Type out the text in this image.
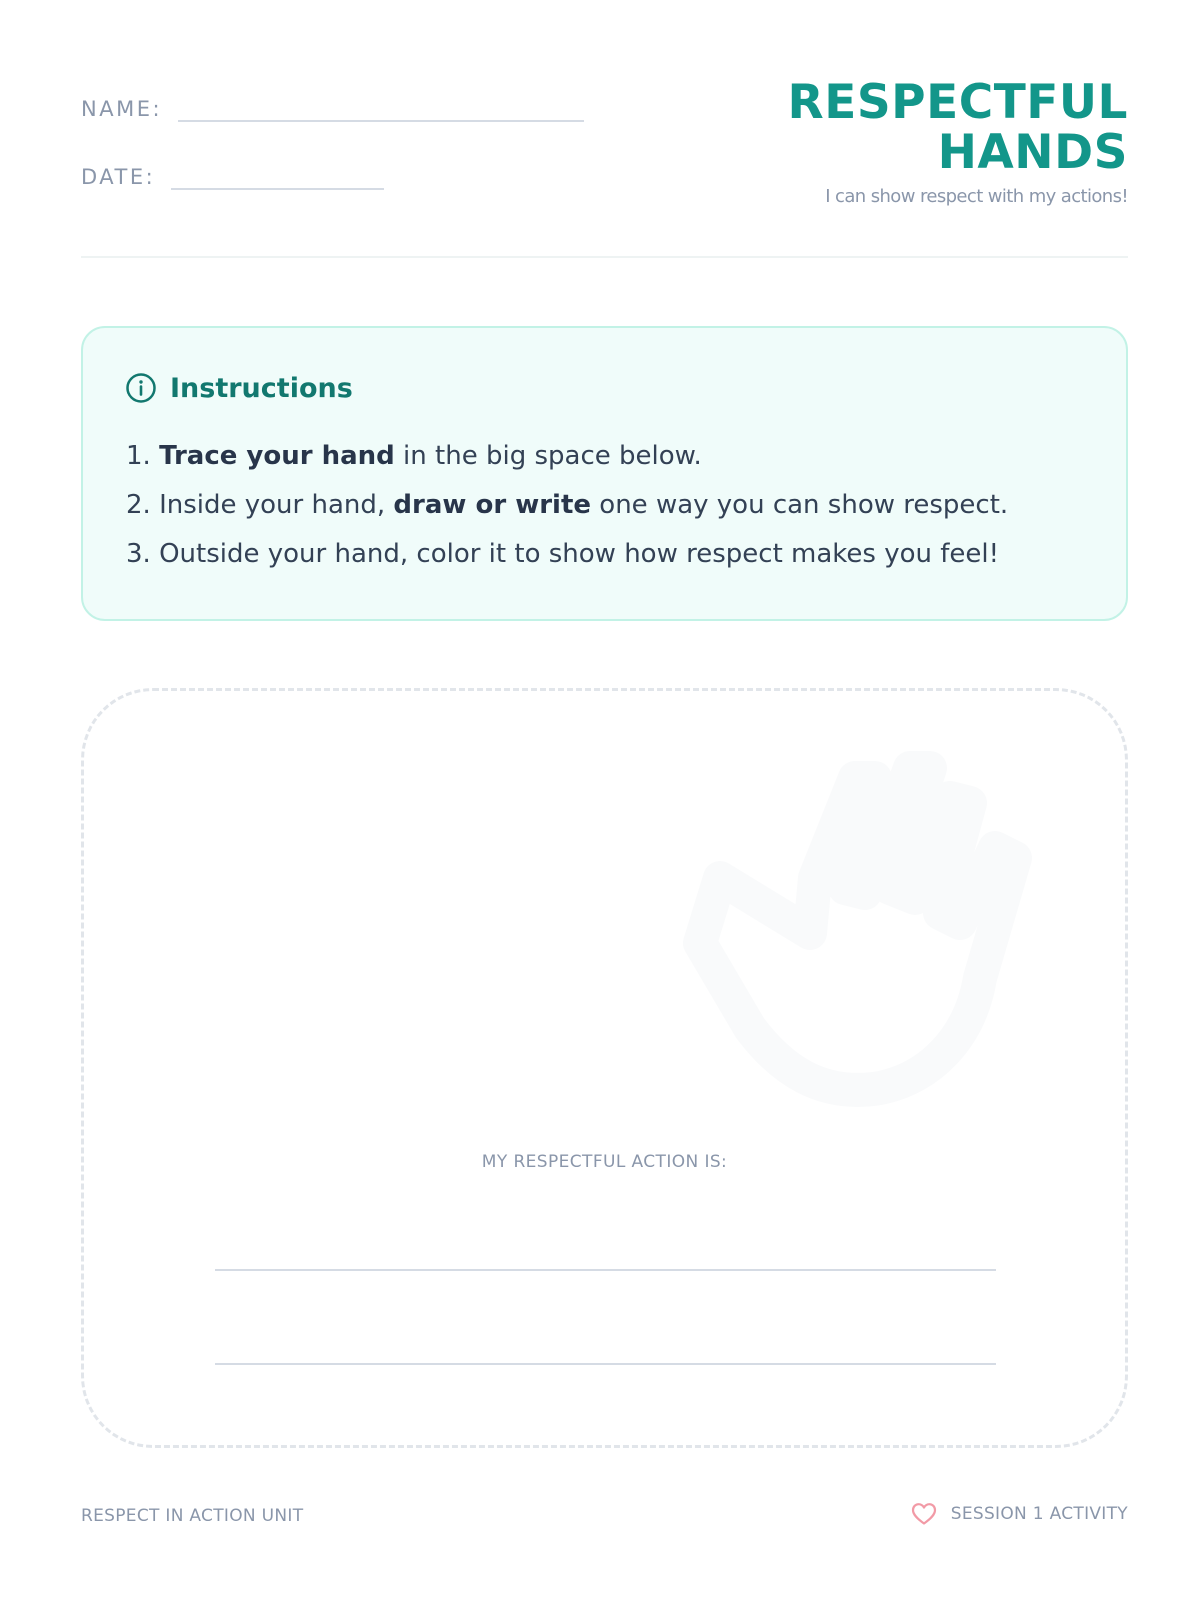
NAME:
DATE:
RESPECTFUL HANDS
I can show respect with my actions!
Instructions
1. Trace your hand in the big space below.
2. Inside your hand, draw or write one way you can show respect.
3. Outside your hand, color it to show how respect makes you feel!
MY RESPECTFUL ACTION IS:
RESPECT IN ACTION UNIT	SESSION 1 ACTIVITY
